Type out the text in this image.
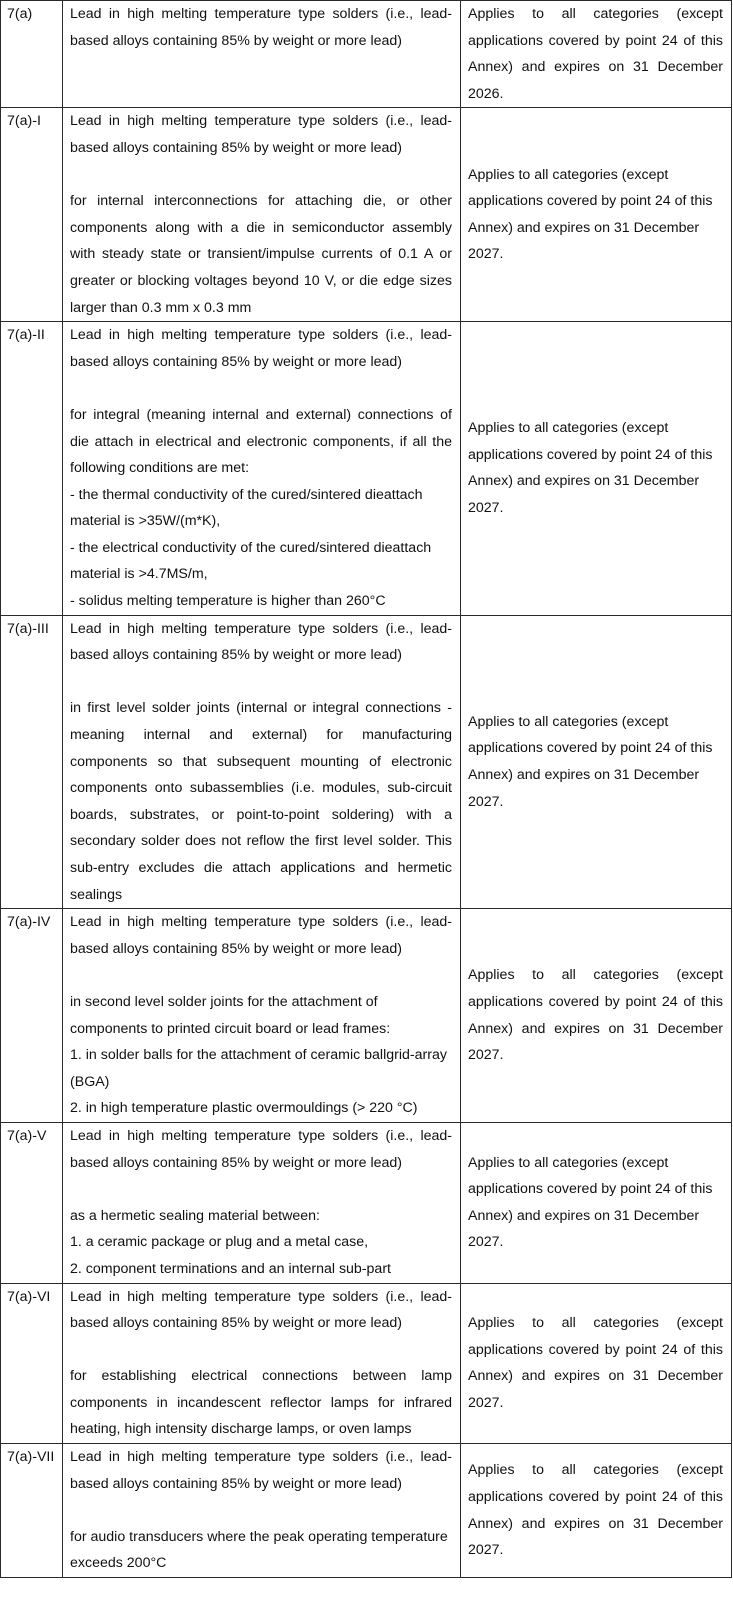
7(a)	Lead in high melting temperature type solders (i.e., lead-based alloys containing 85% by weight or more lead)	Applies to all categories (except applications covered by point 24 of this Annex) and expires on 31 December 2026.
7(a)-I	Lead in high melting temperature type solders (i.e., lead-based alloys containing 85% by weight or more lead)

for internal interconnections for attaching die, or other components along with a die in semiconductor assembly with steady state or transient/impulse currents of 0.1 A or greater or blocking voltages beyond 10 V, or die edge sizes larger than 0.3 mm x 0.3 mm	Applies to all categories (except applications covered by point 24 of this Annex) and expires on 31 December 2027.
7(a)-II	Lead in high melting temperature type solders (i.e., lead-based alloys containing 85% by weight or more lead)

for integral (meaning internal and external) connections of die attach in electrical and electronic components, if all the following conditions are met:

- the thermal conductivity of the cured/sintered dieattach material is >35W/(m*K),

- the electrical conductivity of the cured/sintered dieattach material is >4.7MS/m,

- solidus melting temperature is higher than 260°C	Applies to all categories (except applications covered by point 24 of this Annex) and expires on 31 December 2027.
7(a)-III	Lead in high melting temperature type solders (i.e., lead-based alloys containing 85% by weight or more lead)

in first level solder joints (internal or integral connections - meaning internal and external) for manufacturing components so that subsequent mounting of electronic components onto subassemblies (i.e. modules, sub-circuit boards, substrates, or point-to-point soldering) with a secondary solder does not reflow the first level solder. This sub-entry excludes die attach applications and hermetic sealings	Applies to all categories (except applications covered by point 24 of this Annex) and expires on 31 December 2027.
7(a)-IV	Lead in high melting temperature type solders (i.e., lead-based alloys containing 85% by weight or more lead)

in second level solder joints for the attachment of components to printed circuit board or lead frames:

1. in solder balls for the attachment of ceramic ballgrid-array (BGA)

2. in high temperature plastic overmouldings (> 220 °C)	Applies to all categories (except applications covered by point 24 of this Annex) and expires on 31 December 2027.
7(a)-V	Lead in high melting temperature type solders (i.e., lead-based alloys containing 85% by weight or more lead)

as a hermetic sealing material between:

1. a ceramic package or plug and a metal case,

2. component terminations and an internal sub-part	Applies to all categories (except applications covered by point 24 of this Annex) and expires on 31 December 2027.
7(a)-VI	Lead in high melting temperature type solders (i.e., lead-based alloys containing 85% by weight or more lead)

for establishing electrical connections between lamp components in incandescent reflector lamps for infrared heating, high intensity discharge lamps, or oven lamps	Applies to all categories (except applications covered by point 24 of this Annex) and expires on 31 December 2027.
7(a)-VII	Lead in high melting temperature type solders (i.e., lead-based alloys containing 85% by weight or more lead)

for audio transducers where the peak operating temperature exceeds 200°C	Applies to all categories (except applications covered by point 24 of this Annex) and expires on 31 December 2027.
